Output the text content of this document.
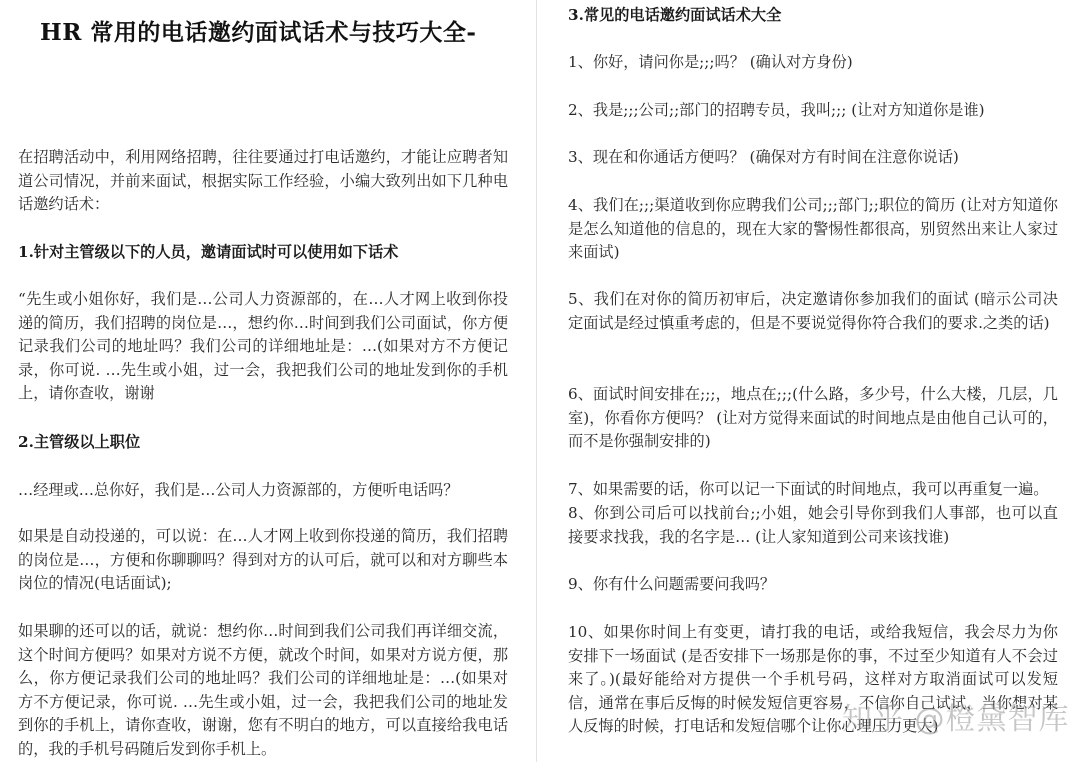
HR 常用的电话邀约面试话术与技巧大全-

在招聘活动中，利用网络招聘，往往要通过打电话邀约，才能让应聘者知道公司情况，并前来面试，根据实际工作经验，小编大致列出如下几种电话邀约话术：

1.针对主管级以下的人员，邀请面试时可以使用如下话术

“先生或小姐你好，我们是…公司人力资源部的，在…人才网上收到你投递的简历，我们招聘的岗位是…，想约你…时间到我们公司面试，你方便记录我们公司的地址吗？我们公司的详细地址是：…(如果对方不方便记录，你可说. …先生或小姐，过一会，我把我们公司的地址发到你的手机上，请你查收，谢谢

2.主管级以上职位

…经理或…总你好，我们是…公司人力资源部的，方便听电话吗？

如果是自动投递的，可以说：在…人才网上收到你投递的简历，我们招聘的岗位是…，方便和你聊聊吗？得到对方的认可后，就可以和对方聊些本岗位的情况(电话面试);

如果聊的还可以的话，就说：想约你…时间到我们公司我们再详细交流，这个时间方便吗？如果对方说不方便，就改个时间，如果对方说方便，那么，你方便记录我们公司的地址吗？我们公司的详细地址是：…(如果对方不方便记录，你可说. …先生或小姐，过一会，我把我们公司的地址发到你的手机上，请你查收，谢谢，您有不明白的地方，可以直接给我电话的，我的手机号码随后发到你手机上。

3.常见的电话邀约面试话术大全

1、你好，请问你是;;;吗？ (确认对方身份)

2、我是;;;公司;;部门的招聘专员，我叫;;; (让对方知道你是谁)

3、现在和你通话方便吗？ (确保对方有时间在注意你说话)

4、我们在;;;渠道收到你应聘我们公司;;;部门;;职位的简历 (让对方知道你是怎么知道他的信息的，现在大家的警惕性都很高，别贸然出来让人家过来面试)

5、我们在对你的简历初审后，决定邀请你参加我们的面试 (暗示公司决定面试是经过慎重考虑的，但是不要说觉得你符合我们的要求.之类的话)

6、面试时间安排在;;;，地点在;;;(什么路，多少号，什么大楼，几层，几室)，你看你方便吗？ (让对方觉得来面试的时间地点是由他自己认可的，而不是你强制安排的)

7、如果需要的话，你可以记一下面试的时间地点，我可以再重复一遍。

8、你到公司后可以找前台;;小姐，她会引导你到我们人事部，也可以直接要求找我，我的名字是… (让人家知道到公司来该找谁)

9、你有什么问题需要问我吗？

10、如果你时间上有变更，请打我的电话，或给我短信，我会尽力为你安排下一场面试 (是否安排下一场那是你的事，不过至少知道有人不会过来了。)(最好能给对方提供一个手机号码，这样对方取消面试可以发短信，通常在事后反悔的时候发短信更容易，不信你自己试试，当你想对某人反悔的时候，打电话和发短信哪个让你心理压力更大)

知乎 @橙黛智库
